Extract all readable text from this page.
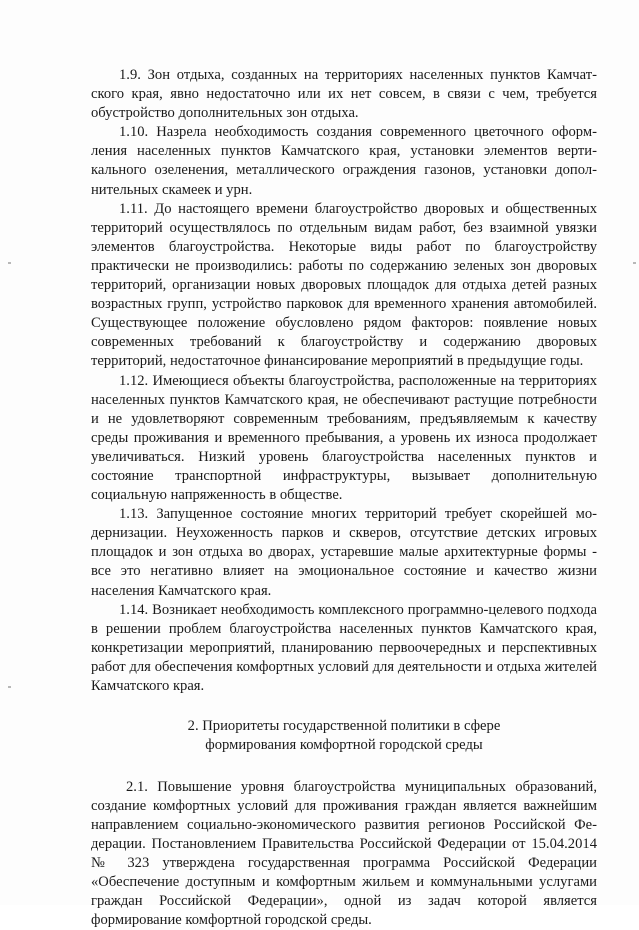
1.9. Зон отдыха, созданных на территориях населенных пунктов Камчатского края, явно недостаточно или их нет совсем, в связи с чем, требуется обустройство дополнительных зон отдыха.

1.10. Назрела необходимость создания современного цветочного оформления населенных пунктов Камчатского края, установки элементов вертикального озеленения, металлического ограждения газонов, установки дополнительных скамеек и урн.

1.11. До настоящего времени благоустройство дворовых и общественных территорий осуществлялось по отдельным видам работ, без взаимной увязки элементов благоустройства. Некоторые виды работ по благоустройству практически не производились: работы по содержанию зеленых зон дворовых территорий, организации новых дворовых площадок для отдыха детей разных возрастных групп, устройство парковок для временного хранения автомобилей. Существующее положение обусловлено рядом факторов: появление новых современных требований к благоустройству и содержанию дворовых территорий, недостаточное финансирование мероприятий в предыдущие годы.

1.12. Имеющиеся объекты благоустройства, расположенные на территориях населенных пунктов Камчатского края, не обеспечивают растущие потребности и не удовлетворяют современным требованиям, предъявляемым к качеству среды проживания и временного пребывания, а уровень их износа продолжает увеличиваться. Низкий уровень благоустройства населенных пунктов и состояние транспортной инфраструктуры, вызывает дополнительную социальную напряженность в обществе.

1.13. Запущенное состояние многих территорий требует скорейшей модернизации. Неухоженность парков и скверов, отсутствие детских игровых площадок и зон отдыха во дворах, устаревшие малые архитектурные формы - все это негативно влияет на эмоциональное состояние и качество жизни населения Камчатского края.

1.14. Возникает необходимость комплексного программно-целевого подхода в решении проблем благоустройства населенных пунктов Камчатского края, конкретизации мероприятий, планированию первоочередных и перспективных работ для обеспечения комфортных условий для деятельности и отдыха жителей Камчатского края.

2. Приоритеты государственной политики в сфере
формирования комфортной городской среды

2.1. Повышение уровня благоустройства муниципальных образований, создание комфортных условий для проживания граждан является важнейшим направлением социально-экономического развития регионов Российской Федерации. Постановлением Правительства Российской Федерации от 15.04.2014 № 323 утверждена государственная программа Российской Федерации «Обеспечение доступным и комфортным жильем и коммунальными услугами граждан Российской Федерации», одной из задач которой является формирование комфортной городской среды.
